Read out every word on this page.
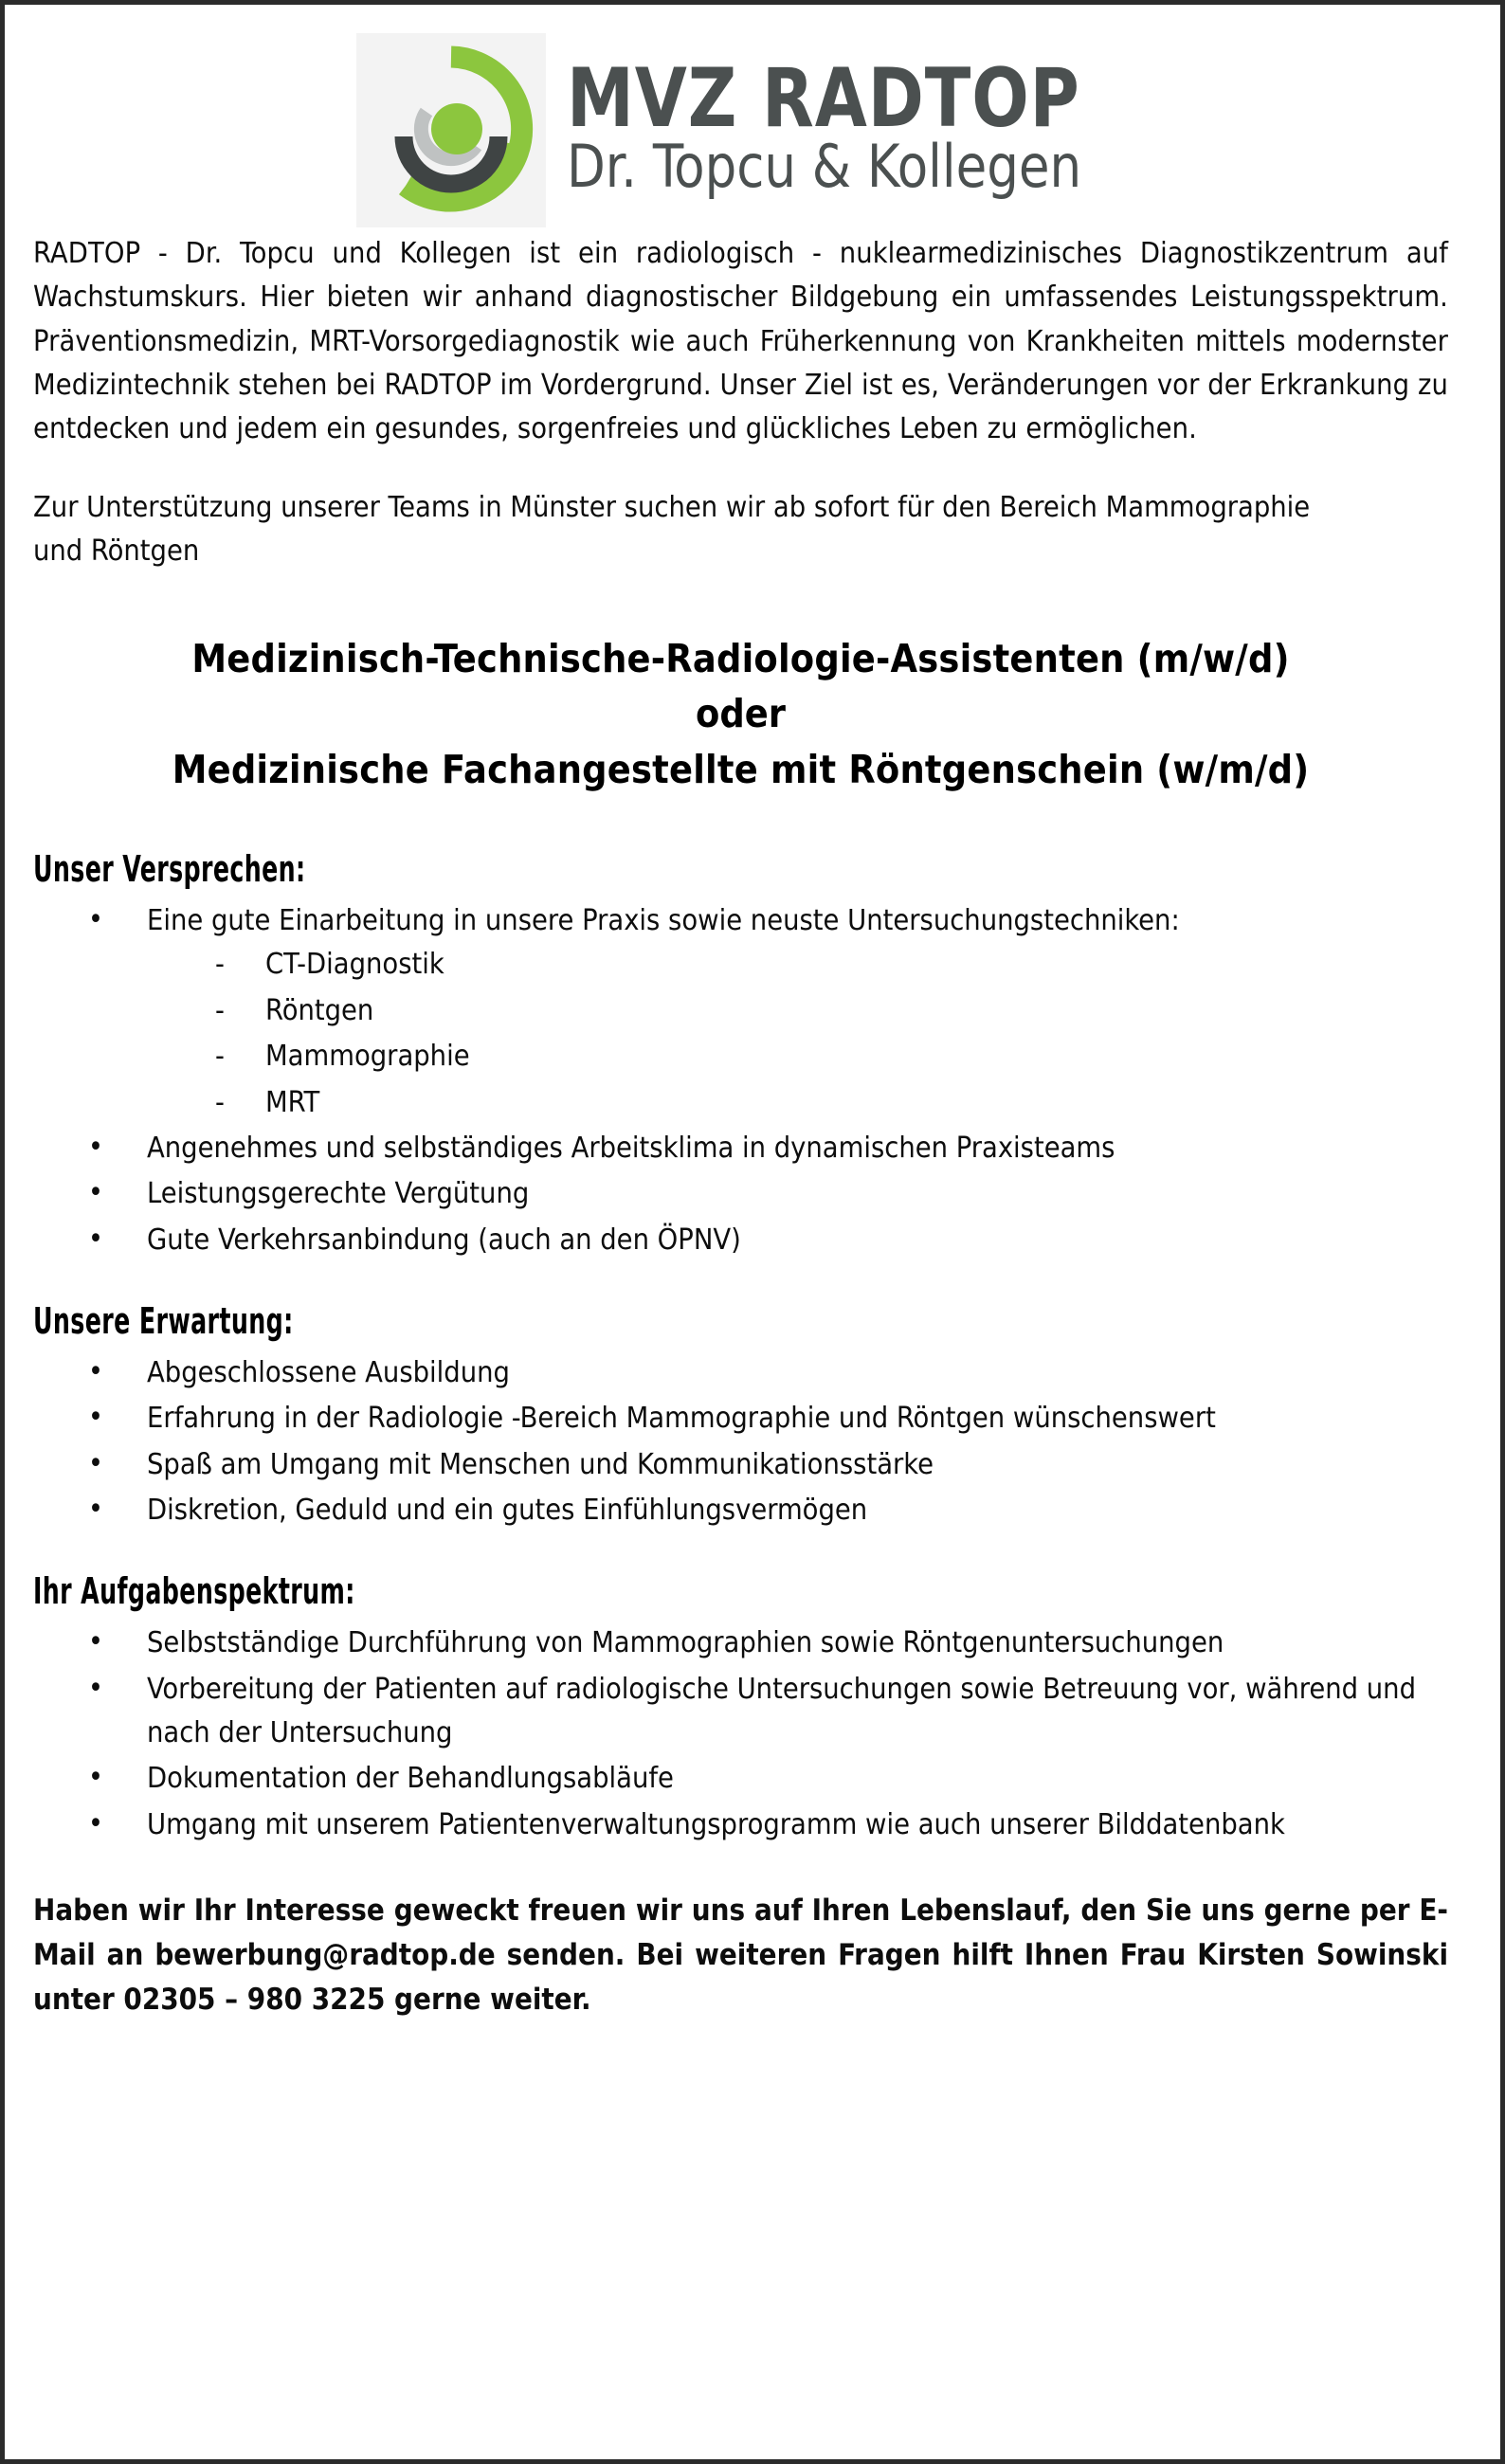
MVZ RADTOP
Dr. Topcu & Kollegen

RADTOP - Dr. Topcu und Kollegen ist ein radiologisch - nuklearmedizinisches Diagnostikzentrum auf Wachstumskurs. Hier bieten wir anhand diagnostischer Bildgebung ein umfassendes Leistungsspektrum. Präventionsmedizin, MRT-Vorsorgediagnostik wie auch Früherkennung von Krankheiten mittels modernster Medizintechnik stehen bei RADTOP im Vordergrund. Unser Ziel ist es, Veränderungen vor der Erkrankung zu entdecken und jedem ein gesundes, sorgenfreies und glückliches Leben zu ermöglichen.

Zur Unterstützung unserer Teams in Münster suchen wir ab sofort für den Bereich Mammographie und Röntgen

Medizinisch-Technische-Radiologie-Assistenten (m/w/d)
oder
Medizinische Fachangestellte mit Röntgenschein (w/m/d)
Unser Versprechen:
• Eine gute Einarbeitung in unsere Praxis sowie neuste Untersuchungstechniken:
- CT-Diagnostik
- Röntgen
- Mammographie
- MRT
• Angenehmes und selbständiges Arbeitsklima in dynamischen Praxisteams
• Leistungsgerechte Vergütung
• Gute Verkehrsanbindung (auch an den ÖPNV)
Unsere Erwartung:
• Abgeschlossene Ausbildung
• Erfahrung in der Radiologie -Bereich Mammographie und Röntgen wünschenswert
• Spaß am Umgang mit Menschen und Kommunikationsstärke
• Diskretion, Geduld und ein gutes Einfühlungsvermögen
Ihr Aufgabenspektrum:
• Selbstständige Durchführung von Mammographien sowie Röntgenuntersuchungen
• Vorbereitung der Patienten auf radiologische Untersuchungen sowie Betreuung vor, während und nach der Untersuchung
• Dokumentation der Behandlungsabläufe
• Umgang mit unserem Patientenverwaltungsprogramm wie auch unserer Bilddatenbank

Haben wir Ihr Interesse geweckt freuen wir uns auf Ihren Lebenslauf, den Sie uns gerne per E-Mail an bewerbung@radtop.de senden. Bei weiteren Fragen hilft Ihnen Frau Kirsten Sowinski unter 02305 – 980 3225 gerne weiter.
